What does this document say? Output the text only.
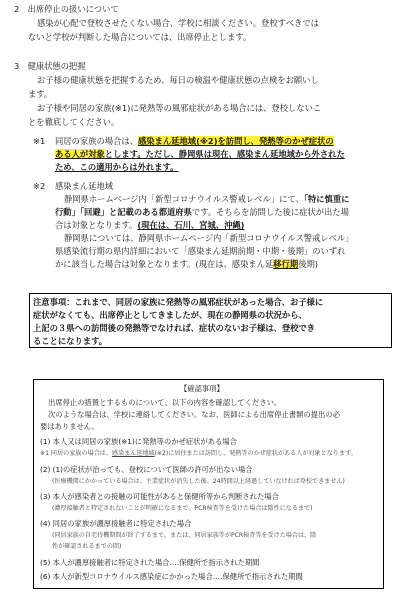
2　出席停止の扱いについて
感染が心配で登校させたくない場合、学校に相談ください。登校すべきでは
ないと学校が判断した場合については、出席停止とします。
3　健康状態の把握
お子様の健康状態を把握するため、毎日の検温や健康状態の点検をお願いし
ます。
お子様や同居の家族(※1)に発熱等の風邪症状がある場合には、登校しないこ
とを徹底してください。
※1 同居の家族の場合は、感染まん延地域(※2)を訪問し、発熱等のかぜ症状の
ある人が対象とします。ただし、静岡県は現在、感染まん延地域から外された
ため、この適用からは外れます。
※2 感染まん延地域
静岡県ホームページ内「新型コロナウイルス警戒レベル」にて、「特に慎重に
行動」「回避」と記載のある都道府県です。そちらを訪問した後に症状が出た場
合は対象となります。(現在は、石川、宮城、沖縄)
静岡県については、静岡県ホームページ内「新型コロナウイルス警戒レベル」
県感染流行期の県内詳細において「感染まん延期前期・中期・後期」のいずれ
かに該当した場合は対象となります。(現在は、感染まん延移行期後期)
注意事項：これまで、同居の家族に発熱等の風邪症状があった場合、お子様に
症状がなくても、出席停止としてきましたが、現在の静岡県の状況から、
上記の３県への訪問後の発熱等でなければ、症状のないお子様は、登校でき
ることになります。
【確認事項】
出席停止の措置とするものについて、以下の内容を確認してください。
次のような場合は、学校に連絡してください。なお、医師による出席停止書類の提出の必
要はありません。
(1) 本人又は同居の家族(※1)に発熱等のかぜ症状がある場合
※1 同居の家族の場合は、感染まん延地域(※2)に居住または訪問し、発熱等のかぜ症状がある人が対象となります。
(2) (1)の症状が治っても、登校について医師の許可が出ない場合
(医療機関にかかっている場合は、主業症状が消失した後、24時間以上経過していなければ登校できません)
(3) 本人が感染者との接触の可能性があると保健所等から判断された場合
(濃厚接触者と特定されないことが明確になるまで。PCR検査等を受けた場合は陰性になるまで)
(4) 同居の家族が濃厚接触者に特定された場合
(同居家族の自宅待機期間が終了するまで。または、同居家族等がPCR検査等を受けた場合は、陰
性が確認されるまでの間)
(5) 本人が濃厚接触者に特定された場合‥‥保健所で指示された期間
(6) 本人が新型コロナウイルス感染症にかかった場合‥‥保健所で指示された期間
